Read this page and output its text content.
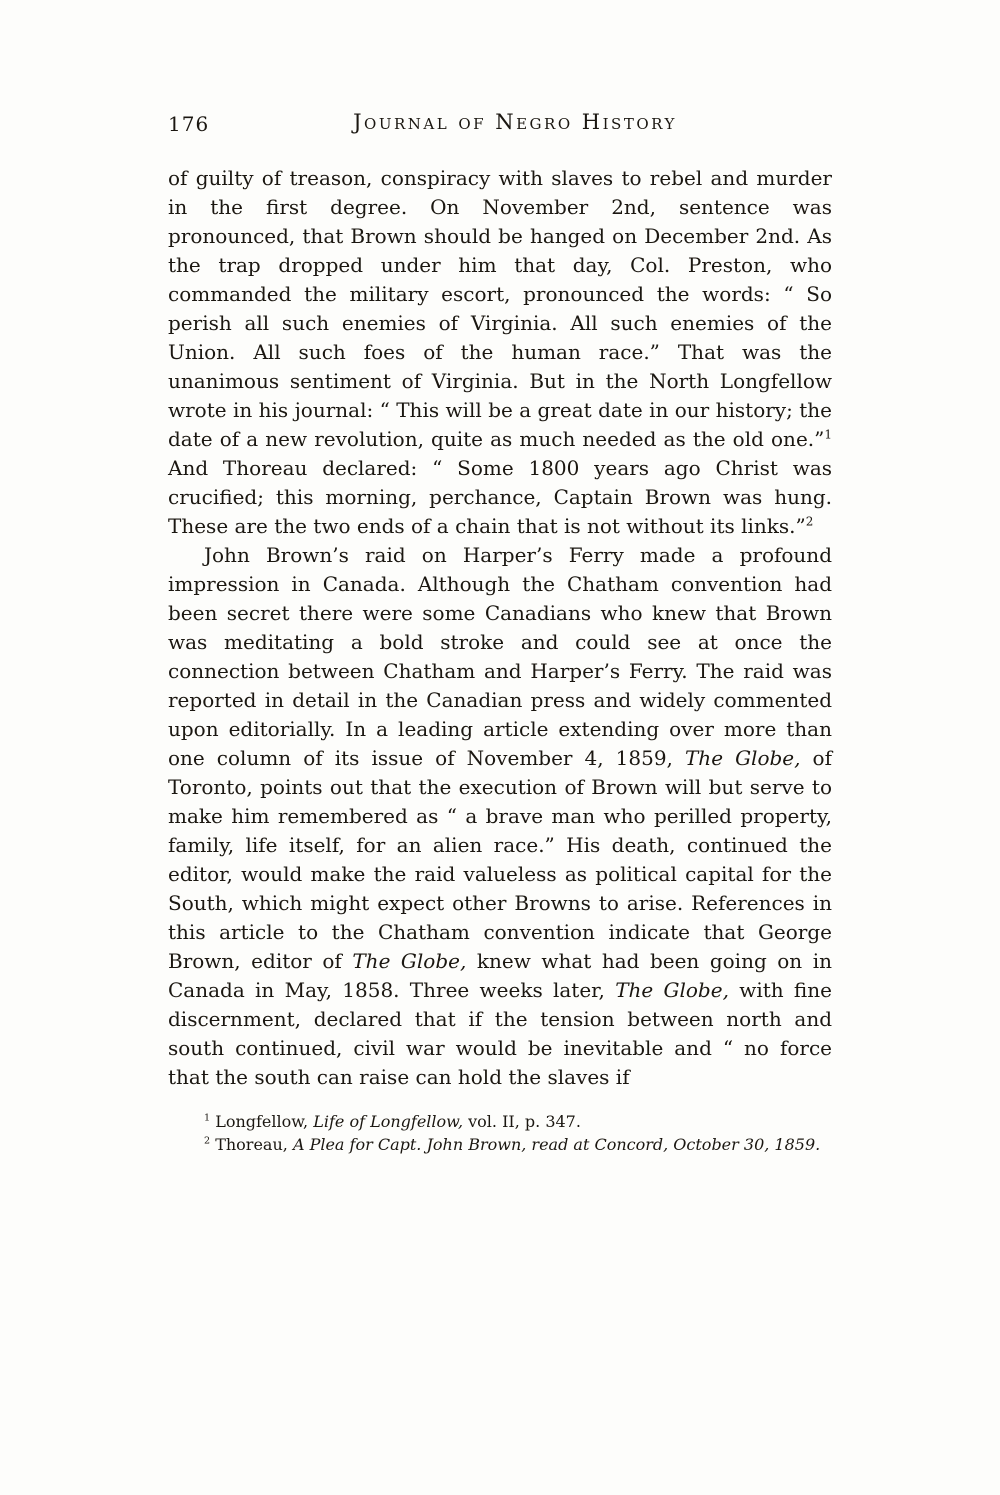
176	Journal of Negro History

of guilty of treason, conspiracy with slaves to rebel and murder in the first degree. On November 2nd, sentence was pronounced, that Brown should be hanged on December 2nd. As the trap dropped under him that day, Col. Preston, who commanded the military escort, pronounced the words: “ So perish all such enemies of Virginia. All such enemies of the Union. All such foes of the human race.” That was the unanimous sentiment of Virginia. But in the North Longfellow wrote in his journal: “ This will be a great date in our history; the date of a new revolution, quite as much needed as the old one.”$^1$ And Thoreau declared: “ Some 1800 years ago Christ was crucified; this morning, perchance, Captain Brown was hung. These are the two ends of a chain that is not without its links.”$^2$

John Brown’s raid on Harper’s Ferry made a profound impression in Canada. Although the Chatham convention had been secret there were some Canadians who knew that Brown was meditating a bold stroke and could see at once the connection between Chatham and Harper’s Ferry. The raid was reported in detail in the Canadian press and widely commented upon editorially. In a leading article extending over more than one column of its issue of November 4, 1859, The Globe, of Toronto, points out that the execution of Brown will but serve to make him remembered as “ a brave man who perilled property, family, life itself, for an alien race.” His death, continued the editor, would make the raid valueless as political capital for the South, which might expect other Browns to arise. References in this article to the Chatham convention indicate that George Brown, editor of The Globe, knew what had been going on in Canada in May, 1858. Three weeks later, The Globe, with fine discernment, declared that if the tension between north and south continued, civil war would be inevitable and “ no force that the south can raise can hold the slaves if

$^1$ Longfellow, Life of Longfellow, vol. II, p. 347.

$^2$ Thoreau, A Plea for Capt. John Brown, read at Concord, October 30, 1859.
